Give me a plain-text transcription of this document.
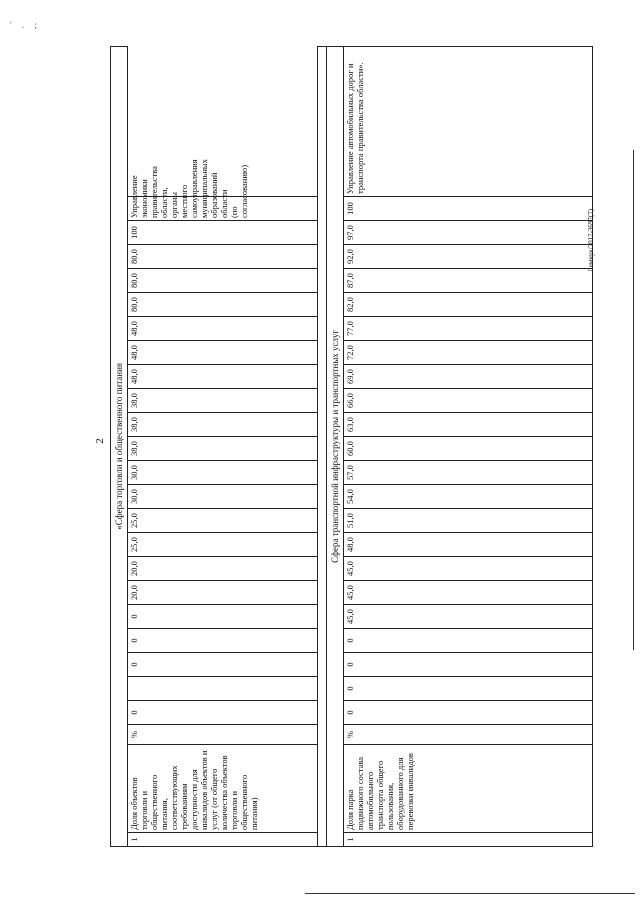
' . ;
2
Лемчук/2017-3697(7)
«Сфера торговли и общественного питания																									
1	Доля объектов торговли и общественного питания, соответствующих требованиям доступности для инвалидов объектов и услуг (от общего количества объектов торговли и общественного питания)	%	0		0	0	0	20,0	20,0	25,0	25,0	30,0	30,0	38,0	38,0	38,0	48,0	48,0	48,0	80,0	80,0	80,0	100	Управление экономики правительства области, органы местного самоуправления муниципальных образований области (по согласованию)	

Сфера транспортной инфраструктуры и транспортных услуг																									
1	Доля парка подвижного состава автомобильного транспорта общего пользования, оборудованного для перевозки инвалидов	%	0	0	0	0	45,0	45,0	45,0	48,0	51,0	54,0	57,0	60,0	63,0	66,0	69,0	72,0	77,0	82,0	87,0	92,0	97,0	100	Управление автомобильных дорог и транспорта правительства области».
